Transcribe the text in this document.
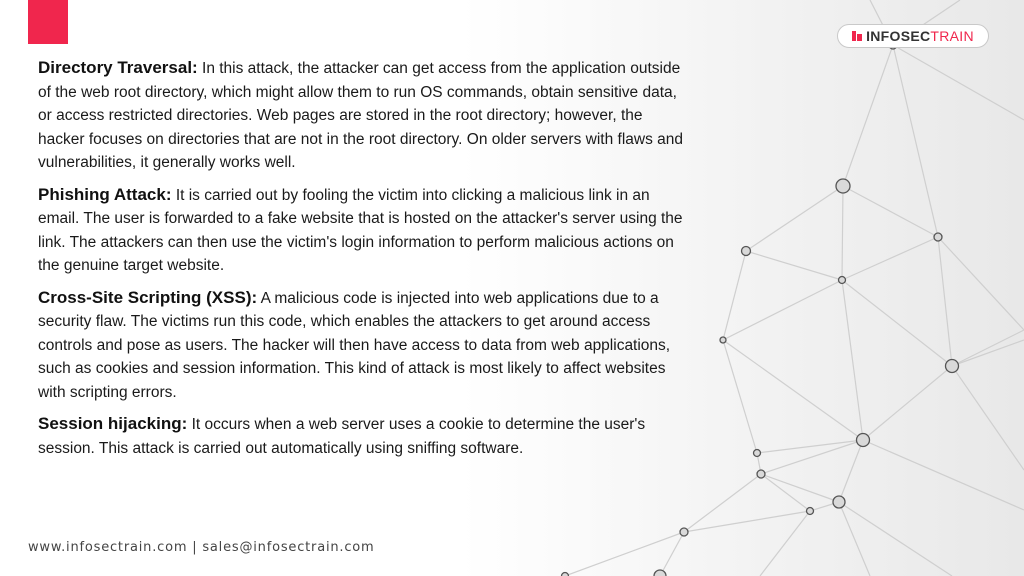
INFOSEC TRAIN

Directory Traversal: In this attack, the attacker can get access from the application outside of the web root directory, which might allow them to run OS commands, obtain sensitive data, or access restricted directories. Web pages are stored in the root directory; however, the hacker focuses on directories that are not in the root directory. On older servers with flaws and vulnerabilities, it generally works well.

Phishing Attack: It is carried out by fooling the victim into clicking a malicious link in an email. The user is forwarded to a fake website that is hosted on the attacker's server using the link. The attackers can then use the victim's login information to perform malicious actions on the genuine target website.

Cross-Site Scripting (XSS): A malicious code is injected into web applications due to a security flaw. The victims run this code, which enables the attackers to get around access controls and pose as users. The hacker will then have access to data from web applications, such as cookies and session information. This kind of attack is most likely to affect websites with scripting errors.

Session hijacking: It occurs when a web server uses a cookie to determine the user's session. This attack is carried out automatically using sniffing software.

www.infosectrain.com | sales@infosectrain.com
